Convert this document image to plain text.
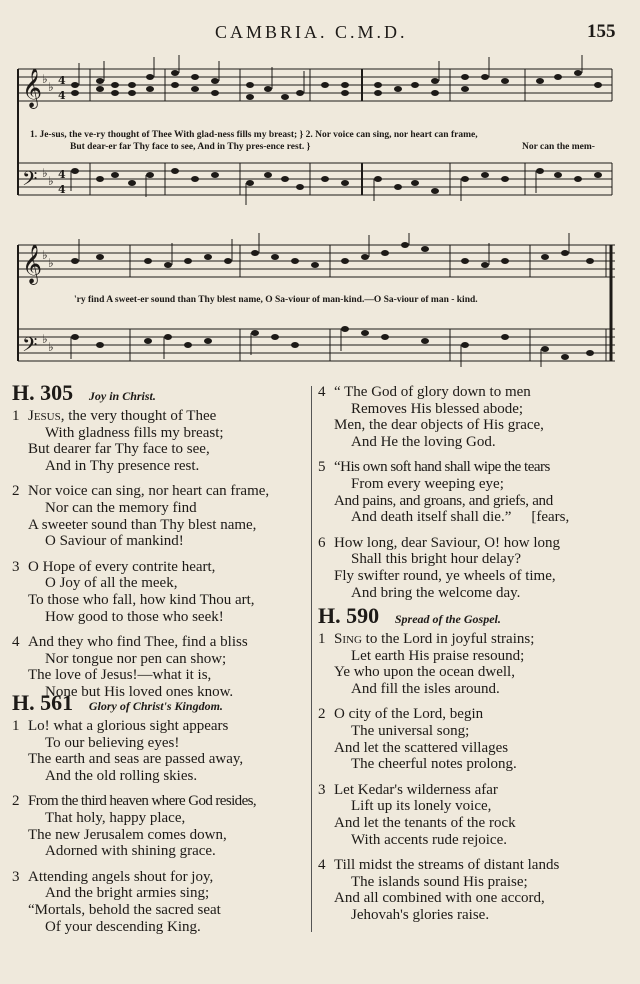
CAMBRIA. C.M.D.	155
𝄞
𝄢
♭
♭
♭
♭
4
4
4
4
1. Je-sus, the ve-ry thought of Thee With glad-ness fills my breast; } 2. Nor voice can sing, nor heart can frame,
But dear-er far Thy face to see, And in Thy pres-ence rest. }	Nor can the mem-
𝄞
𝄢
♭
♭
♭
♭
'ry find A sweet-er sound than Thy blest name, O Sa-viour of man-kind.—O Sa-viour of man - kind.
H. 305 Joy in Christ.
1 Jesus, the very thought of Thee
With gladness fills my breast;
But dearer far Thy face to see,
And in Thy presence rest.
2 Nor voice can sing, nor heart can frame,
Nor can the memory find
A sweeter sound than Thy blest name,
O Saviour of mankind!
3 O Hope of every contrite heart,
O Joy of all the meek,
To those who fall, how kind Thou art,
How good to those who seek!
4 And they who find Thee, find a bliss
Nor tongue nor pen can show;
The love of Jesus!—what it is,
None but His loved ones know.
H. 561 Glory of Christ's Kingdom.
1 Lo! what a glorious sight appears
To our believing eyes!
The earth and seas are passed away,
And the old rolling skies.
2 From the third heaven where God resides,
That holy, happy place,
The new Jerusalem comes down,
Adorned with shining grace.
3 Attending angels shout for joy,
And the bright armies sing;
“Mortals, behold the sacred seat
Of your descending King.
4 “ The God of glory down to men
Removes His blessed abode;
Men, the dear objects of His grace,
And He the loving God.
5 “His own soft hand shall wipe the tears
From every weeping eye;
And pains, and groans, and griefs, and
And death itself shall die.” [fears,
6 How long, dear Saviour, O! how long
Shall this bright hour delay?
Fly swifter round, ye wheels of time,
And bring the welcome day.
H. 590 Spread of the Gospel.
1 Sing to the Lord in joyful strains;
Let earth His praise resound;
Ye who upon the ocean dwell,
And fill the isles around.
2 O city of the Lord, begin
The universal song;
And let the scattered villages
The cheerful notes prolong.
3 Let Kedar's wilderness afar
Lift up its lonely voice,
And let the tenants of the rock
With accents rude rejoice.
4 Till midst the streams of distant lands
The islands sound His praise;
And all combined with one accord,
Jehovah's glories raise.
